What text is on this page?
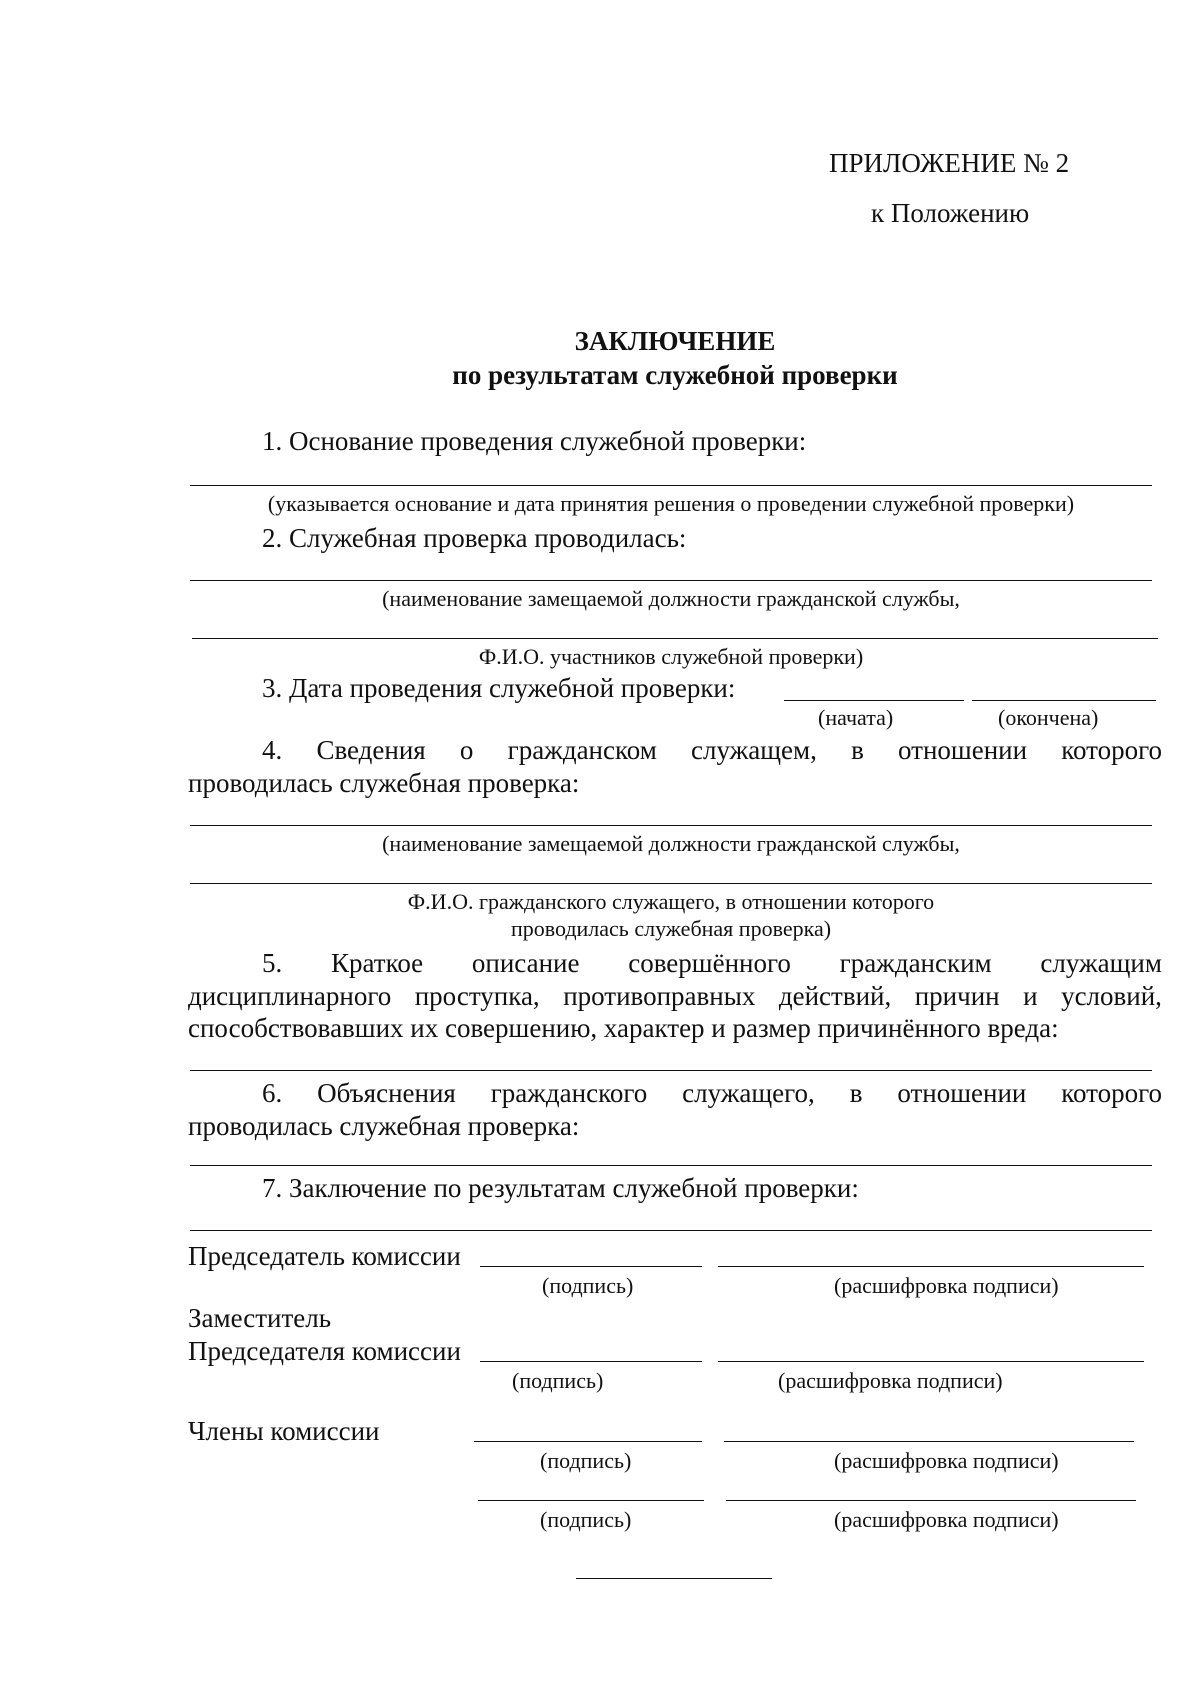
ПРИЛОЖЕНИЕ № 2
к Положению
ЗАКЛЮЧЕНИЕ
по результатам служебной проверки
1. Основание проведения служебной проверки:
(указывается основание и дата принятия решения о проведении служебной проверки)
2. Служебная проверка проводилась:
(наименование замещаемой должности гражданской службы,
Ф.И.О. участников служебной проверки)
3. Дата проведения служебной проверки:
(начата)	(окончена)
4. Сведения о гражданском служащем, в отношении которого
проводилась служебная проверка:
(наименование замещаемой должности гражданской службы,
Ф.И.О. гражданского служащего, в отношении которого
проводилась служебная проверка)
5. Краткое описание совершённого гражданским служащим
дисциплинарного проступка, противоправных действий, причин и условий,
способствовавших их совершению, характер и размер причинённого вреда:
6. Объяснения гражданского служащего, в отношении которого
проводилась служебная проверка:
7. Заключение по результатам служебной проверки:
Председатель комиссии
(подпись)	(расшифровка подписи)
Заместитель
Председателя комиссии
(подпись)	(расшифровка подписи)
Члены комиссии
(подпись)	(расшифровка подписи)
(подпись)	(расшифровка подписи)
